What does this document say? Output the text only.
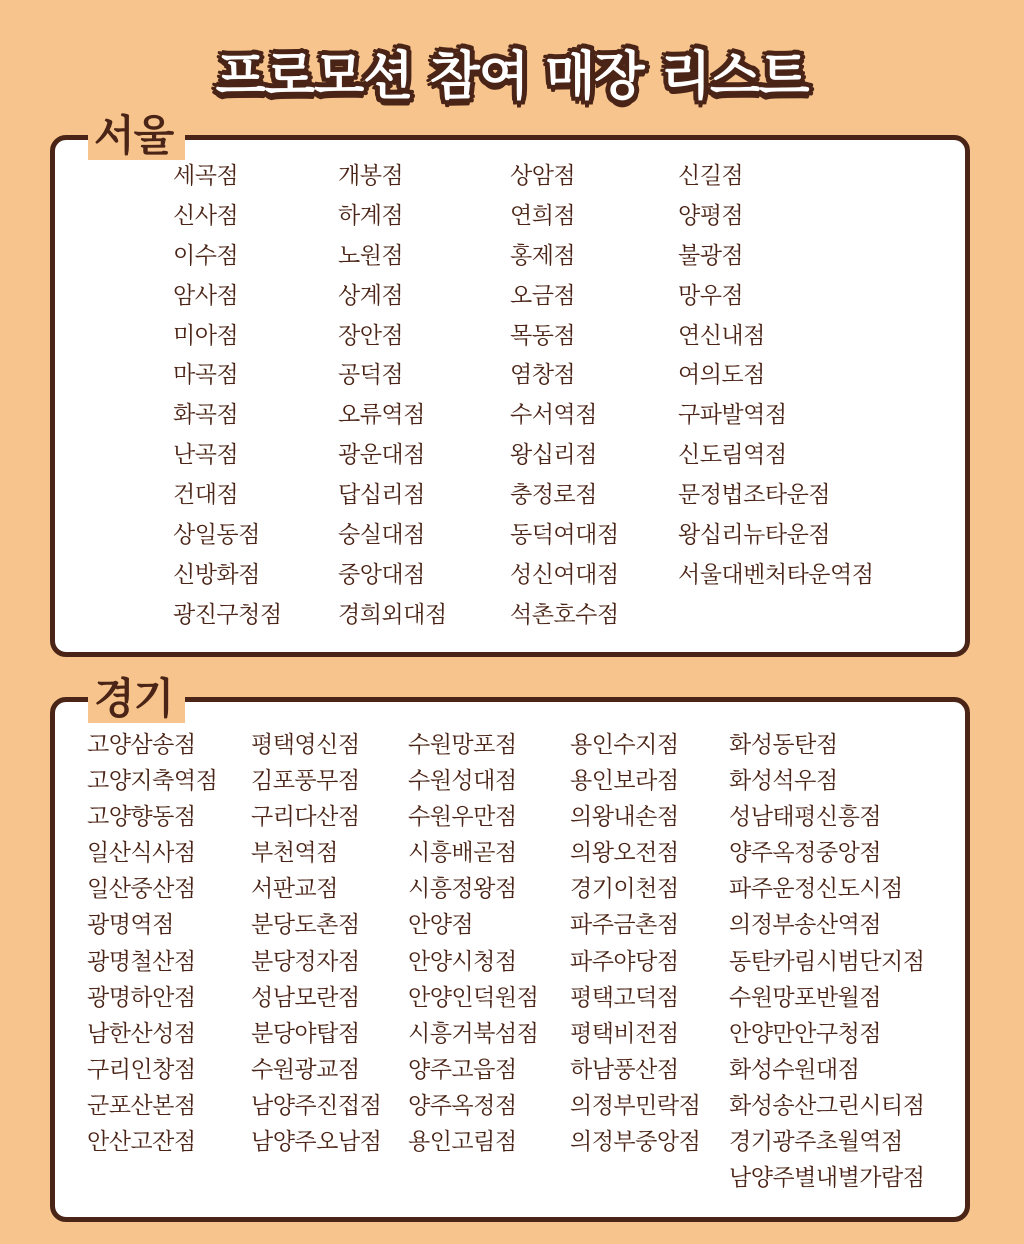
프로모션 참여 매장 리스트
서울
세곡점
신사점
이수점
암사점
미아점
마곡점
화곡점
난곡점
건대점
상일동점
신방화점
광진구청점
개봉점
하계점
노원점
상계점
장안점
공덕점
오류역점
광운대점
답십리점
숭실대점
중앙대점
경희외대점
상암점
연희점
홍제점
오금점
목동점
염창점
수서역점
왕십리점
충정로점
동덕여대점
성신여대점
석촌호수점
신길점
양평점
불광점
망우점
연신내점
여의도점
구파발역점
신도림역점
문정법조타운점
왕십리뉴타운점
서울대벤처타운역점
경기
고양삼송점
고양지축역점
고양향동점
일산식사점
일산중산점
광명역점
광명철산점
광명하안점
남한산성점
구리인창점
군포산본점
안산고잔점
평택영신점
김포풍무점
구리다산점
부천역점
서판교점
분당도촌점
분당정자점
성남모란점
분당야탑점
수원광교점
남양주진접점
남양주오남점
수원망포점
수원성대점
수원우만점
시흥배곧점
시흥정왕점
안양점
안양시청점
안양인덕원점
시흥거북섬점
양주고읍점
양주옥정점
용인고림점
용인수지점
용인보라점
의왕내손점
의왕오전점
경기이천점
파주금촌점
파주야당점
평택고덕점
평택비전점
하남풍산점
의정부민락점
의정부중앙점
화성동탄점
화성석우점
성남태평신흥점
양주옥정중앙점
파주운정신도시점
의정부송산역점
동탄카림시범단지점
수원망포반월점
안양만안구청점
화성수원대점
화성송산그린시티점
경기광주초월역점
남양주별내별가람점
